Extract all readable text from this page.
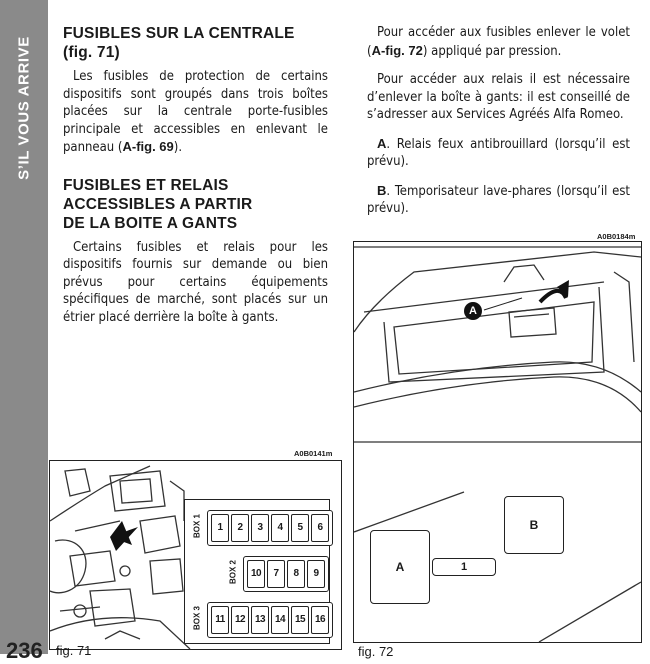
S’IL VOUS ARRIVE
236
FUSIBLES SUR LA CENTRALE
(fig. 71)

Les fusibles de protection de certains dispositifs sont groupés dans trois boîtes placées sur la centrale porte-fusibles principale et accessibles en enlevant le panneau (A-fig. 69).

FUSIBLES ET RELAIS
ACCESSIBLES A PARTIR
DE LA BOITE A GANTS

Certains fusibles et relais pour les dispositifs fournis sur demande ou bien prévus pour certains équipements spécifiques de marché, sont placés sur un étrier placé derrière la boîte à gants.

Pour accéder aux fusibles enlever le volet (A-fig. 72) appliqué par pression.

Pour accéder aux relais il est nécessaire d’enlever la boîte à gants: il est conseillé de s’adresser aux Services Agréés Alfa Romeo.

A. Relais feux antibrouillard (lorsqu’il est prévu).

B. Temporisateur lave-phares (lorsqu’il est prévu).

A0B0141m
BOX 1	1	2	3	4	5	6
BOX 2	10	7	8	9
BOX 3	11	12 13 14 15 16
fig. 71
A0B0184m
A
A
B
1
fig. 72
